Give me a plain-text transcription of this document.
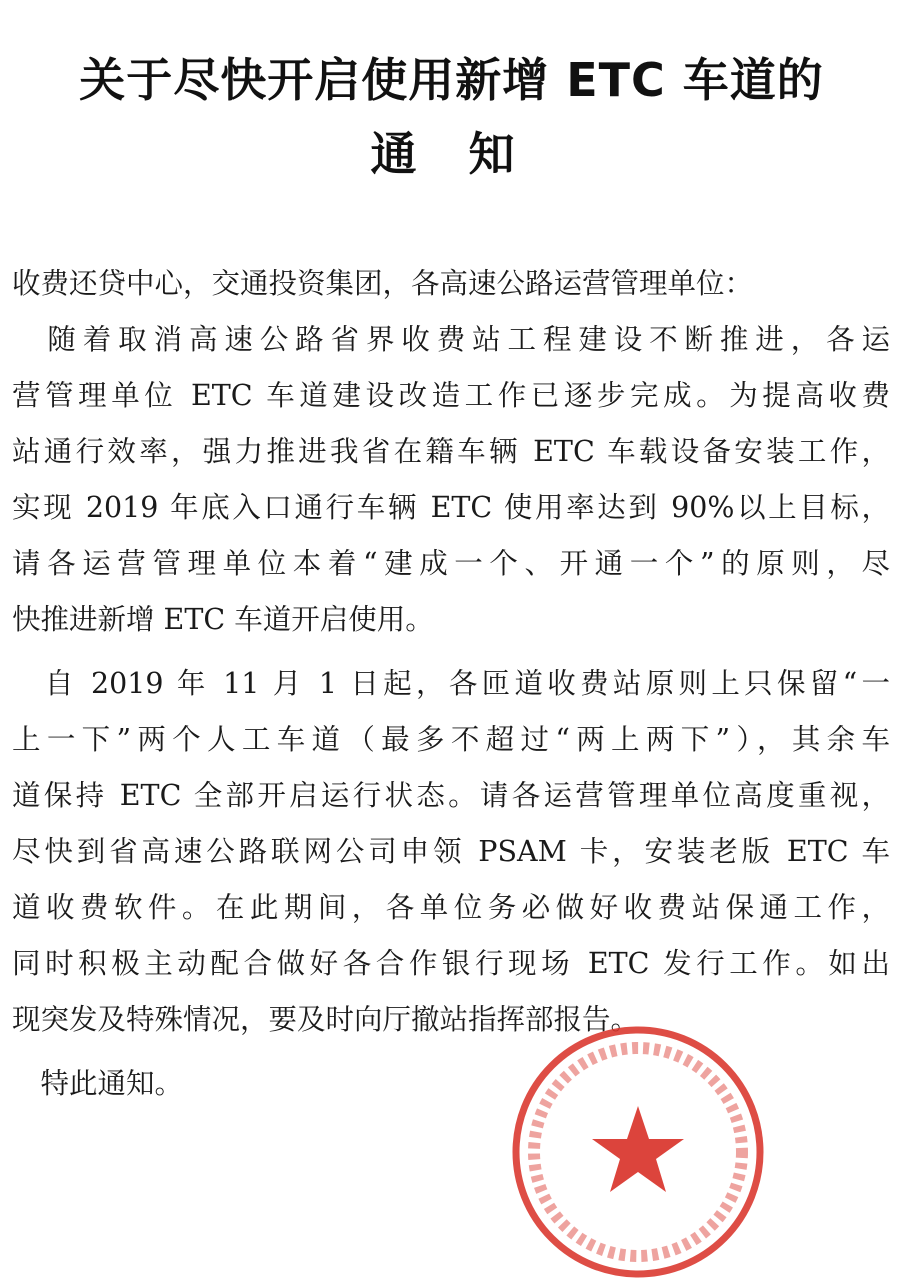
关于尽快开启使用新增 ETC 车道的
通 知
收费还贷中心，交通投资集团，各高速公路运营管理单位：
　随着取消高速公路省界收费站工程建设不断推进，各运
营管理单位 ETC 车道建设改造工作已逐步完成。为提高收费
站通行效率，强力推进我省在籍车辆 ETC 车载设备安装工作，
实现 2019 年底入口通行车辆 ETC 使用率达到 90%以上目标，
请各运营管理单位本着“建成一个、开通一个”的原则，尽
快推进新增 ETC 车道开启使用。
　自 2019 年 11 月 1 日起，各匝道收费站原则上只保留“一
上一下”两个人工车道（最多不超过“两上两下”），其余车
道保持 ETC 全部开启运行状态。请各运营管理单位高度重视，
尽快到省高速公路联网公司申领 PSAM 卡，安装老版 ETC 车
道收费软件。在此期间，各单位务必做好收费站保通工作，
同时积极主动配合做好各合作银行现场 ETC 发行工作。如出
现突发及特殊情况，要及时向厅撤站指挥部报告。
　特此通知。
